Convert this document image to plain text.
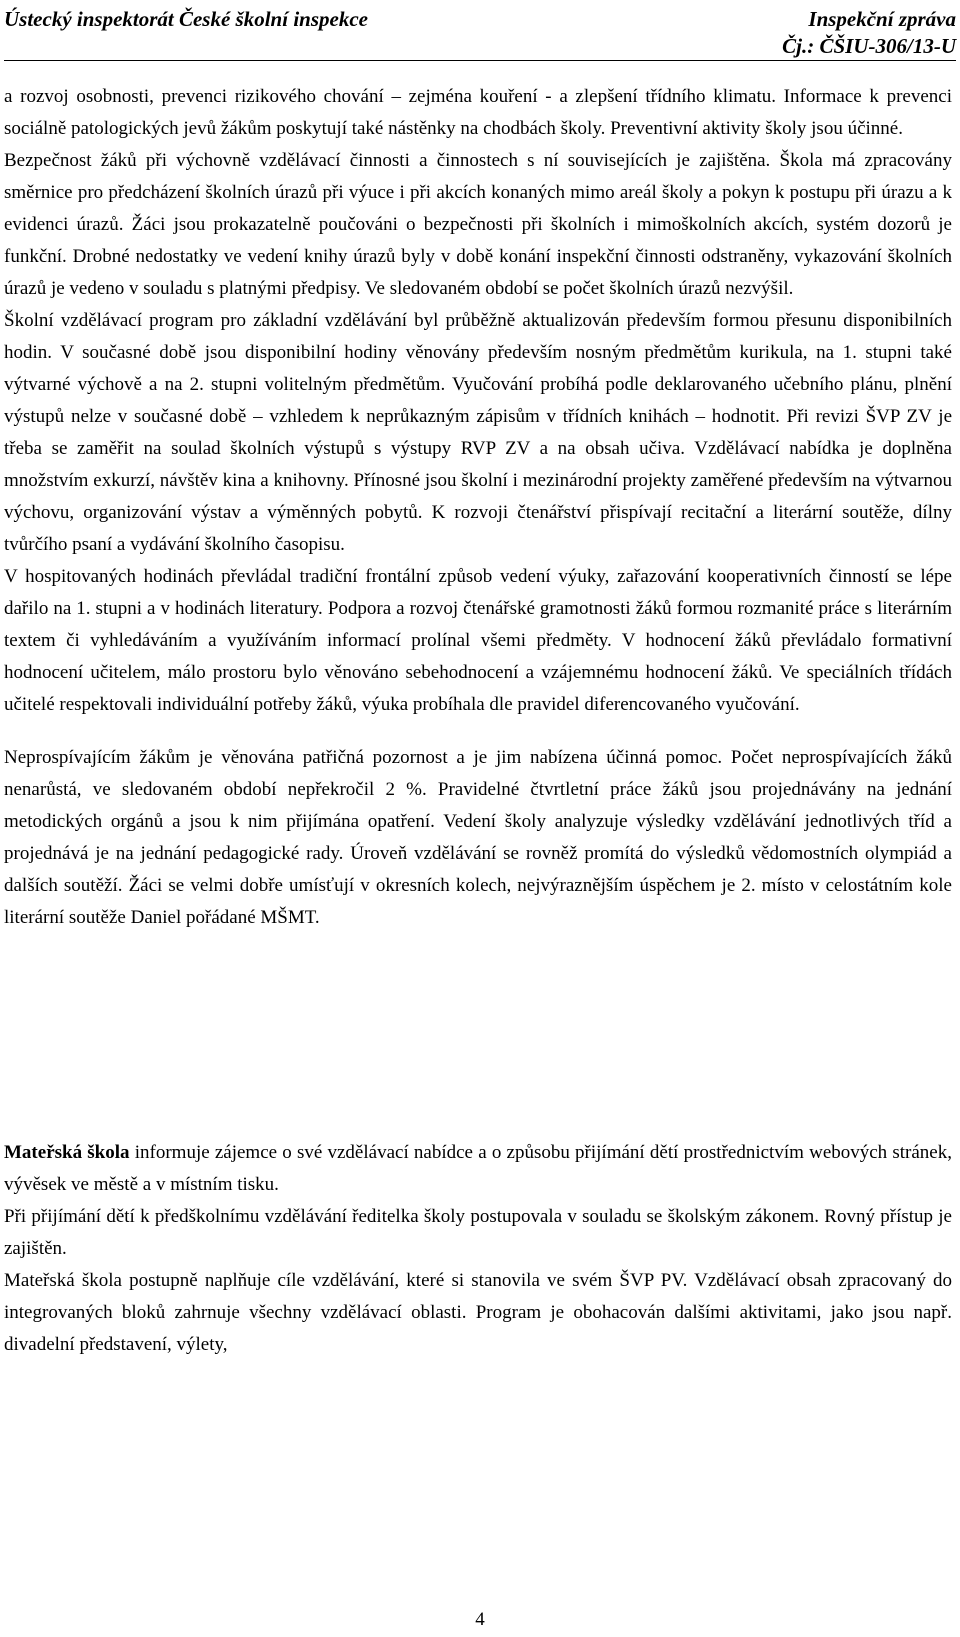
Ústecký inspektorát České školní inspekce	Inspekční zpráva
Čj.: ČŠIU-306/13-U

a rozvoj osobnosti, prevenci rizikového chování – zejména kouření - a zlepšení třídního klimatu. Informace k prevenci sociálně patologických jevů žákům poskytují také nástěnky na chodbách školy. Preventivní aktivity školy jsou účinné.

Bezpečnost žáků při výchovně vzdělávací činnosti a činnostech s ní souvisejících je zajištěna. Škola má zpracovány směrnice pro předcházení školních úrazů při výuce i při akcích konaných mimo areál školy a pokyn k postupu při úrazu a k evidenci úrazů. Žáci jsou prokazatelně poučováni o bezpečnosti při školních i mimoškolních akcích, systém dozorů je funkční. Drobné nedostatky ve vedení knihy úrazů byly v době konání inspekční činnosti odstraněny, vykazování školních úrazů je vedeno v souladu s platnými předpisy. Ve sledovaném období se počet školních úrazů nezvýšil.

Školní vzdělávací program pro základní vzdělávání byl průběžně aktualizován především formou přesunu disponibilních hodin. V současné době jsou disponibilní hodiny věnovány především nosným předmětům kurikula, na 1. stupni také výtvarné výchově a na 2. stupni volitelným předmětům. Vyučování probíhá podle deklarovaného učebního plánu, plnění výstupů nelze v současné době – vzhledem k neprůkazným zápisům v třídních knihách – hodnotit. Při revizi ŠVP ZV je třeba se zaměřit na soulad školních výstupů s výstupy RVP ZV a na obsah učiva. Vzdělávací nabídka je doplněna množstvím exkurzí, návštěv kina a knihovny. Přínosné jsou školní i mezinárodní projekty zaměřené především na výtvarnou výchovu, organizování výstav a výměnných pobytů. K rozvoji čtenářství přispívají recitační a literární soutěže, dílny tvůrčího psaní a vydávání školního časopisu.

V hospitovaných hodinách převládal tradiční frontální způsob vedení výuky, zařazování kooperativních činností se lépe dařilo na 1. stupni a v hodinách literatury. Podpora a rozvoj čtenářské gramotnosti žáků formou rozmanité práce s literárním textem či vyhledáváním a využíváním informací prolínal všemi předměty. V hodnocení žáků převládalo formativní hodnocení učitelem, málo prostoru bylo věnováno sebehodnocení a vzájemnému hodnocení žáků. Ve speciálních třídách učitelé respektovali individuální potřeby žáků, výuka probíhala dle pravidel diferencovaného vyučování.

Neprospívajícím žákům je věnována patřičná pozornost a je jim nabízena účinná pomoc. Počet neprospívajících žáků nenarůstá, ve sledovaném období nepřekročil 2 %. Pravidelné čtvrtletní práce žáků jsou projednávány na jednání metodických orgánů a jsou k nim přijímána opatření. Vedení školy analyzuje výsledky vzdělávání jednotlivých tříd a projednává je na jednání pedagogické rady. Úroveň vzdělávání se rovněž promítá do výsledků vědomostních olympiád a dalších soutěží. Žáci se velmi dobře umísťují v okresních kolech, nejvýraznějším úspěchem je 2. místo v celostátním kole literární soutěže Daniel pořádané MŠMT.

Mateřská škola informuje zájemce o své vzdělávací nabídce a o způsobu přijímání dětí prostřednictvím webových stránek, vývěsek ve městě a v místním tisku.

Při přijímání dětí k předškolnímu vzdělávání ředitelka školy postupovala v souladu se školským zákonem. Rovný přístup je zajištěn.

Mateřská škola postupně naplňuje cíle vzdělávání, které si stanovila ve svém ŠVP PV. Vzdělávací obsah zpracovaný do integrovaných bloků zahrnuje všechny vzdělávací oblasti. Program je obohacován dalšími aktivitami, jako jsou např. divadelní představení, výlety,

4
